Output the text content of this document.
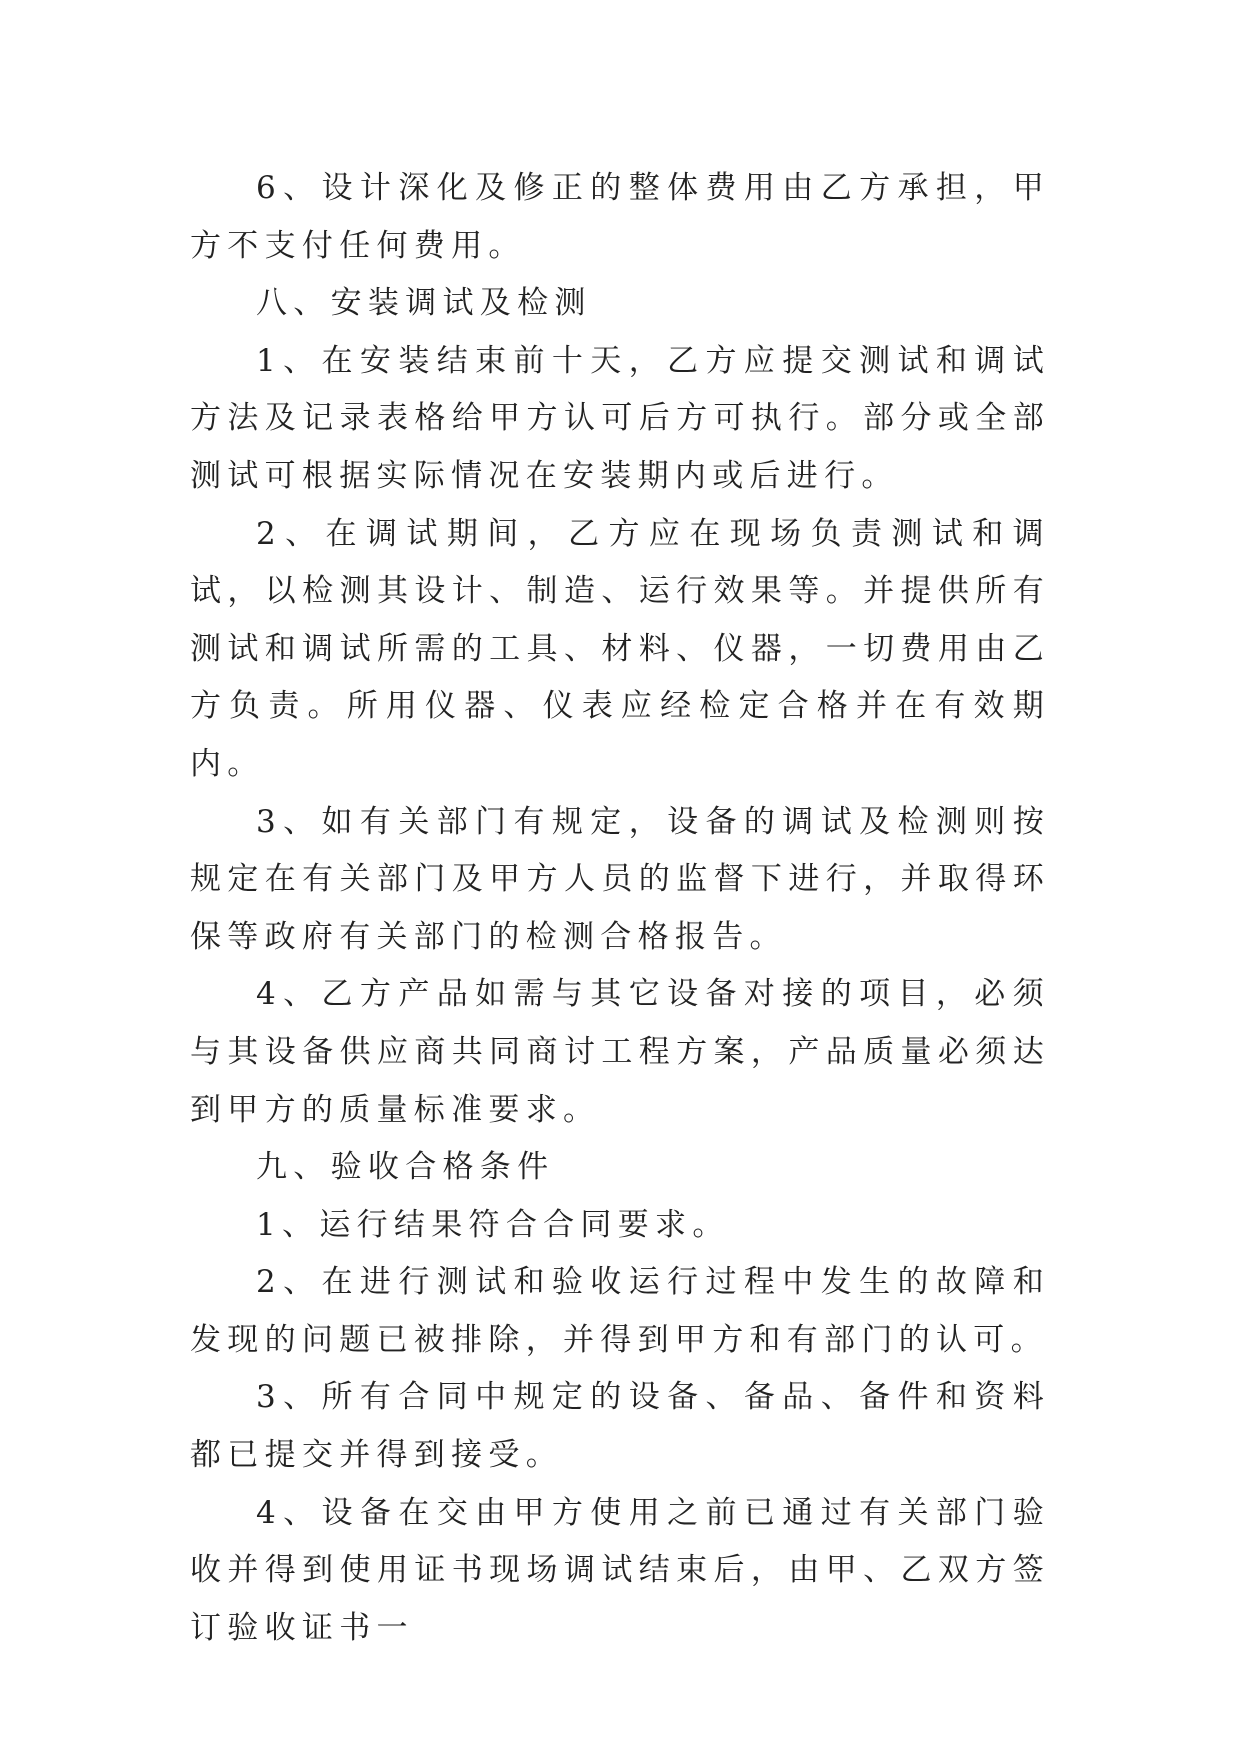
6、设计深化及修正的整体费用由乙方承担，甲方不支付任何费用。

八、安装调试及检测

1、在安装结束前十天，乙方应提交测试和调试方法及记录表格给甲方认可后方可执行。部分或全部测试可根据实际情况在安装期内或后进行。

2、在调试期间，乙方应在现场负责测试和调试，以检测其设计、制造、运行效果等。并提供所有测试和调试所需的工具、材料、仪器，一切费用由乙方负责。所用仪器、仪表应经检定合格并在有效期内。

3、如有关部门有规定，设备的调试及检测则按规定在有关部门及甲方人员的监督下进行，并取得环保等政府有关部门的检测合格报告。

4、乙方产品如需与其它设备对接的项目，必须与其设备供应商共同商讨工程方案，产品质量必须达到甲方的质量标准要求。

九、验收合格条件

1、运行结果符合合同要求。

2、在进行测试和验收运行过程中发生的故障和发现的问题已被排除，并得到甲方和有部门的认可。

3、所有合同中规定的设备、备品、备件和资料都已提交并得到接受。

4、设备在交由甲方使用之前已通过有关部门验收并得到使用证书现场调试结束后，由甲、乙双方签订验收证书一
